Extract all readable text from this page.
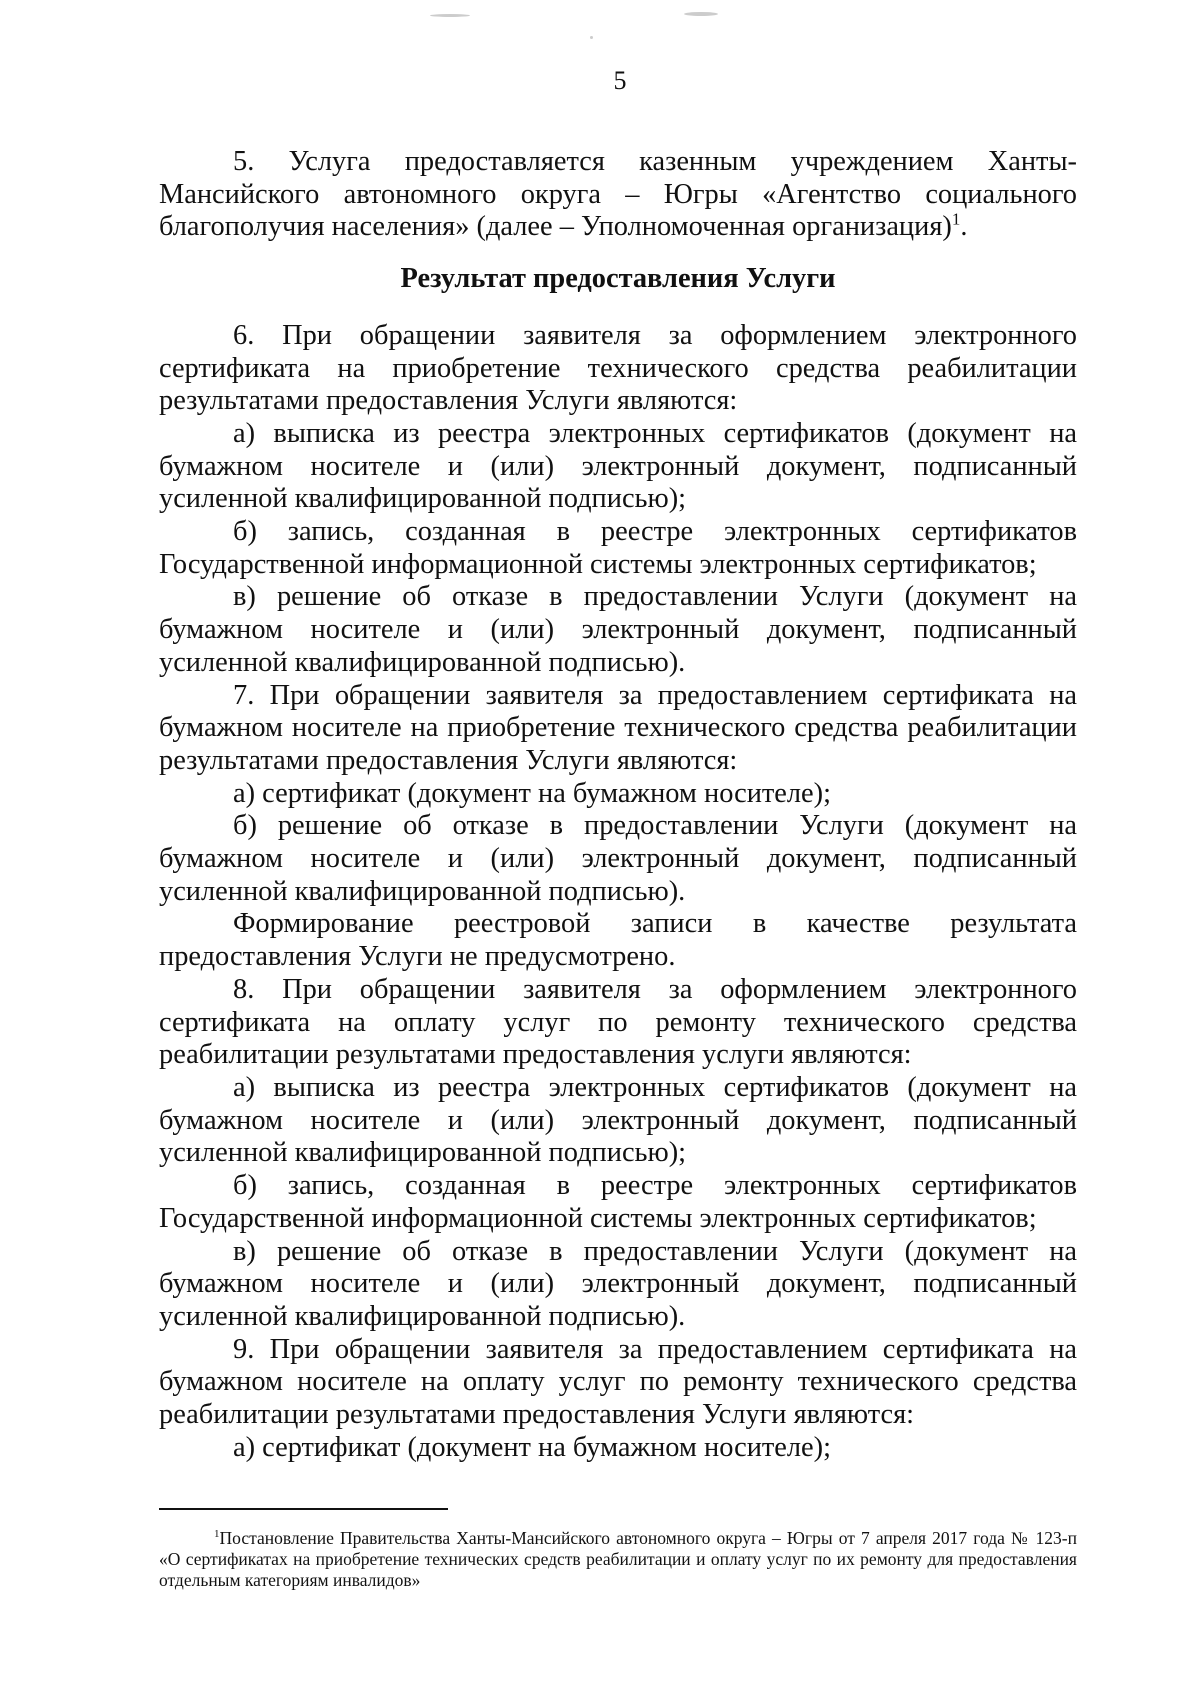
5

5. Услуга предоставляется казенным учреждением Ханты-Мансийского автономного округа – Югры «Агентство социального благополучия населения» (далее – Уполномоченная организация)$^1$.

Результат предоставления Услуги

6. При обращении заявителя за оформлением электронного сертификата на приобретение технического средства реабилитации результатами предоставления Услуги являются:

а) выписка из реестра электронных сертификатов (документ на бумажном носителе и (или) электронный документ, подписанный усиленной квалифицированной подписью);

б) запись, созданная в реестре электронных сертификатов Государственной информационной системы электронных сертификатов;

в) решение об отказе в предоставлении Услуги (документ на бумажном носителе и (или) электронный документ, подписанный усиленной квалифицированной подписью).

7. При обращении заявителя за предоставлением сертификата на бумажном носителе на приобретение технического средства реабилитации результатами предоставления Услуги являются:

а) сертификат (документ на бумажном носителе);

б) решение об отказе в предоставлении Услуги (документ на бумажном носителе и (или) электронный документ, подписанный усиленной квалифицированной подписью).

Формирование реестровой записи в качестве результата предоставления Услуги не предусмотрено.

8. При обращении заявителя за оформлением электронного сертификата на оплату услуг по ремонту технического средства реабилитации результатами предоставления услуги являются:

а) выписка из реестра электронных сертификатов (документ на бумажном носителе и (или) электронный документ, подписанный усиленной квалифицированной подписью);

б) запись, созданная в реестре электронных сертификатов Государственной информационной системы электронных сертификатов;

в) решение об отказе в предоставлении Услуги (документ на бумажном носителе и (или) электронный документ, подписанный усиленной квалифицированной подписью).

9. При обращении заявителя за предоставлением сертификата на бумажном носителе на оплату услуг по ремонту технического средства реабилитации результатами предоставления Услуги являются:

а) сертификат (документ на бумажном носителе);

$^1$Постановление Правительства Ханты-Мансийского автономного округа – Югры от 7 апреля 2017 года № 123-п «О сертификатах на приобретение технических средств реабилитации и оплату услуг по их ремонту для предоставления отдельным категориям инвалидов»
